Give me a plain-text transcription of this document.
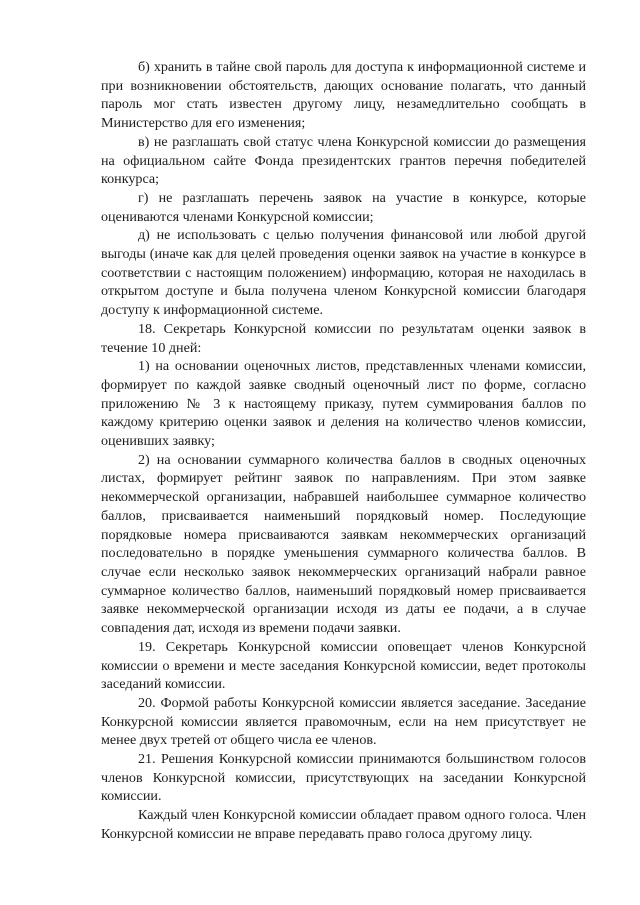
б) хранить в тайне свой пароль для доступа к информационной системе и при возникновении обстоятельств, дающих основание полагать, что данный пароль мог стать известен другому лицу, незамедлительно сообщать в Министерство для его изменения;

в) не разглашать свой статус члена Конкурсной комиссии до размещения на официальном сайте Фонда президентских грантов перечня победителей конкурса;

г) не разглашать перечень заявок на участие в конкурсе, которые оцениваются членами Конкурсной комиссии;

д) не использовать с целью получения финансовой или любой другой выгоды (иначе как для целей проведения оценки заявок на участие в конкурсе в соответствии с настоящим положением) информацию, которая не находилась в открытом доступе и была получена членом Конкурсной комиссии благодаря доступу к информационной системе.

18. Секретарь Конкурсной комиссии по результатам оценки заявок в течение 10 дней:

1) на основании оценочных листов, представленных членами комиссии, формирует по каждой заявке сводный оценочный лист по форме, согласно приложению № 3 к настоящему приказу, путем суммирования баллов по каждому критерию оценки заявок и деления на количество членов комиссии, оценивших заявку;

2) на основании суммарного количества баллов в сводных оценочных листах, формирует рейтинг заявок по направлениям. При этом заявке некоммерческой организации, набравшей наибольшее суммарное количество баллов, присваивается наименьший порядковый номер. Последующие порядковые номера присваиваются заявкам некоммерческих организаций последовательно в порядке уменьшения суммарного количества баллов. В случае если несколько заявок некоммерческих организаций набрали равное суммарное количество баллов, наименьший порядковый номер присваивается заявке некоммерческой организации исходя из даты ее подачи, а в случае совпадения дат, исходя из времени подачи заявки.

19. Секретарь Конкурсной комиссии оповещает членов Конкурсной комиссии о времени и месте заседания Конкурсной комиссии, ведет протоколы заседаний комиссии.

20. Формой работы Конкурсной комиссии является заседание. Заседание Конкурсной комиссии является правомочным, если на нем присутствует не менее двух третей от общего числа ее членов.

21. Решения Конкурсной комиссии принимаются большинством голосов членов Конкурсной комиссии, присутствующих на заседании Конкурсной комиссии.

Каждый член Конкурсной комиссии обладает правом одного голоса. Член Конкурсной комиссии не вправе передавать право голоса другому лицу.
